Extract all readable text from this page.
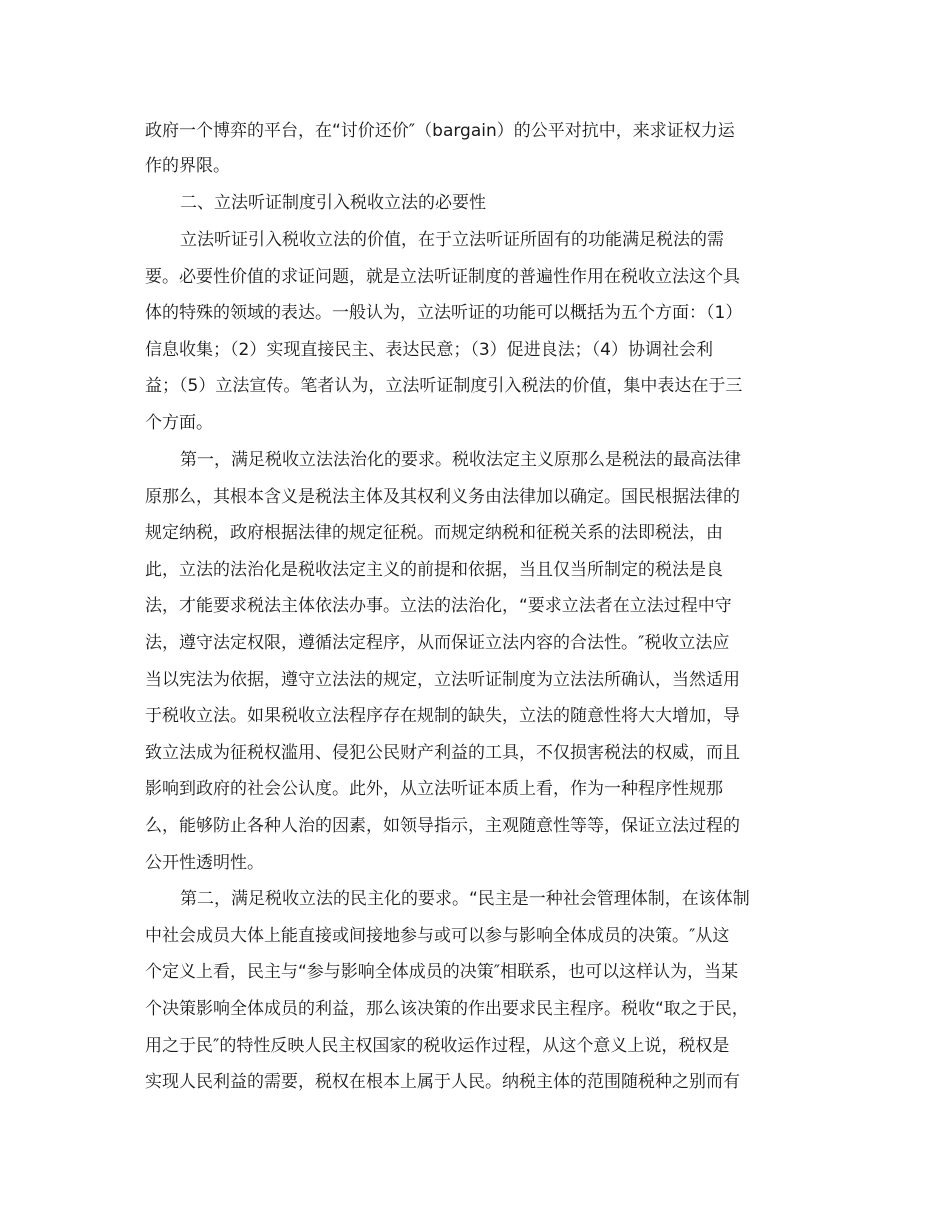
政府一个博弈的平台，在“讨价还价″（bargain）的公平对抗中，来求证权力运
作的界限。
二、立法听证制度引入税收立法的必要性
立法听证引入税收立法的价值，在于立法听证所固有的功能满足税法的需
要。必要性价值的求证问题，就是立法听证制度的普遍性作用在税收立法这个具
体的特殊的领域的表达。一般认为，立法听证的功能可以概括为五个方面：（1）
信息收集；（2）实现直接民主、表达民意；（3）促进良法；（4）协调社会利
益；（5）立法宣传。笔者认为，立法听证制度引入税法的价值，集中表达在于三
个方面。
第一，满足税收立法法治化的要求。税收法定主义原那么是税法的最高法律
原那么，其根本含义是税法主体及其权利义务由法律加以确定。国民根据法律的
规定纳税，政府根据法律的规定征税。而规定纳税和征税关系的法即税法，由
此，立法的法治化是税收法定主义的前提和依据，当且仅当所制定的税法是良
法，才能要求税法主体依法办事。立法的法治化，“要求立法者在立法过程中守
法，遵守法定权限，遵循法定程序，从而保证立法内容的合法性。″税收立法应
当以宪法为依据，遵守立法法的规定，立法听证制度为立法法所确认，当然适用
于税收立法。如果税收立法程序存在规制的缺失，立法的随意性将大大增加，导
致立法成为征税权滥用、侵犯公民财产利益的工具，不仅损害税法的权威，而且
影响到政府的社会公认度。此外，从立法听证本质上看，作为一种程序性规那
么，能够防止各种人治的因素，如领导指示，主观随意性等等，保证立法过程的
公开性透明性。
第二，满足税收立法的民主化的要求。“民主是一种社会管理体制，在该体制
中社会成员大体上能直接或间接地参与或可以参与影响全体成员的决策。″从这
个定义上看，民主与“参与影响全体成员的决策″相联系，也可以这样认为，当某
个决策影响全体成员的利益，那么该决策的作出要求民主程序。税收“取之于民，
用之于民″的特性反映人民主权国家的税收运作过程，从这个意义上说，税权是
实现人民利益的需要，税权在根本上属于人民。纳税主体的范围随税种之别而有
